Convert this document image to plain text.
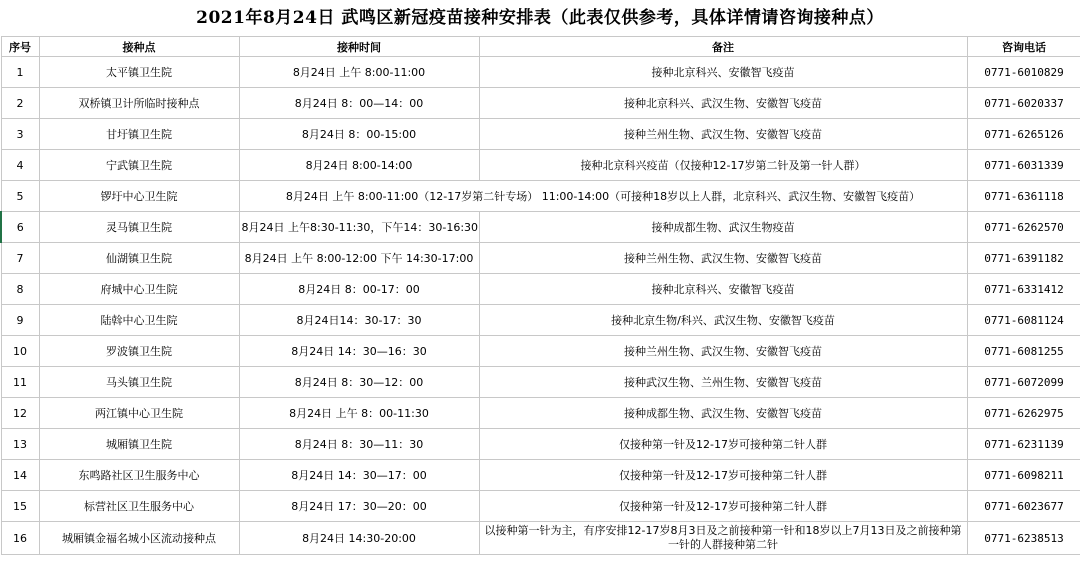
2021年8月24日 武鸣区新冠疫苗接种安排表（此表仅供参考，具体详情请咨询接种点）
序号	接种点	接种时间	备注	咨询电话
1	太平镇卫生院	8月24日 上午 8:00-11:00	接种北京科兴、安徽智飞疫苗	0771-6010829
2	双桥镇卫计所临时接种点	8月24日 8：00—14：00	接种北京科兴、武汉生物、安徽智飞疫苗	0771-6020337
3	甘圩镇卫生院	8月24日 8：00-15:00	接种兰州生物、武汉生物、安徽智飞疫苗	0771-6265126
4	宁武镇卫生院	8月24日 8:00-14:00	接种北京科兴疫苗（仅接种12-17岁第二针及第一针人群）	0771-6031339
5	锣圩中心卫生院	8月24日 上午 8:00-11:00（12-17岁第二针专场） 11:00-14:00（可接种18岁以上人群，北京科兴、武汉生物、安徽智飞疫苗）		0771-6361118
6	灵马镇卫生院	8月24日 上午8:30-11:30，下午14：30-16:30	接种成都生物、武汉生物疫苗	0771-6262570
7	仙湖镇卫生院	8月24日 上午 8:00-12:00 下午 14:30-17:00	接种兰州生物、武汉生物、安徽智飞疫苗	0771-6391182
8	府城中心卫生院	8月24日 8：00-17：00	接种北京科兴、安徽智飞疫苗	0771-6331412
9	陆斡中心卫生院	8月24日14：30-17：30	接种北京生物/科兴、武汉生物、安徽智飞疫苗	0771-6081124
10	罗波镇卫生院	8月24日 14：30—16：30	接种兰州生物、武汉生物、安徽智飞疫苗	0771-6081255
11	马头镇卫生院	8月24日 8：30—12：00	接种武汉生物、兰州生物、安徽智飞疫苗	0771-6072099
12	两江镇中心卫生院	8月24日 上午 8：00-11:30	接种成都生物、武汉生物、安徽智飞疫苗	0771-6262975
13	城厢镇卫生院	8月24日 8：30—11：30	仅接种第一针及12-17岁可接种第二针人群	0771-6231139
14	东鸣路社区卫生服务中心	8月24日 14：30—17：00	仅接种第一针及12-17岁可接种第二针人群	0771-6098211
15	标营社区卫生服务中心	8月24日 17：30—20：00	仅接种第一针及12-17岁可接种第二针人群	0771-6023677
16	城厢镇金福名城小区流动接种点	8月24日 14:30-20:00	以接种第一针为主，有序安排12-17岁8月3日及之前接种第一针和18岁以上7月13日及之前接种第一针的人群接种第二针	0771-6238513
